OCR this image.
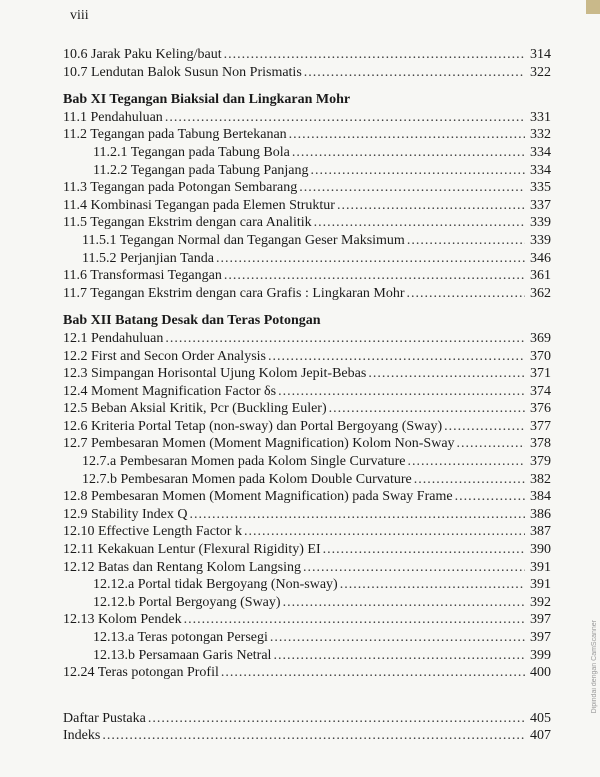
viii
Dipindai dengan CamScanner
10.6 Jarak Paku Keling/baut .....	314
10.7 Lendutan Balok Susun Non Prismatis .....	322
Bab XI Tegangan Biaksial dan Lingkaran Mohr
11.1 Pendahuluan .....	331
11.2 Tegangan pada Tabung Bertekanan .....	332
11.2.1 Tegangan pada Tabung Bola .....	334
11.2.2 Tegangan pada Tabung Panjang .....	334
11.3 Tegangan pada Potongan Sembarang .....	335
11.4 Kombinasi Tegangan pada Elemen Struktur .....	337
11.5 Tegangan Ekstrim dengan cara Analitik .....	339
11.5.1 Tegangan Normal dan Tegangan Geser Maksimum .....	339
11.5.2 Perjanjian Tanda .....	346
11.6 Transformasi Tegangan .....	361
11.7 Tegangan Ekstrim dengan cara Grafis : Lingkaran Mohr .....	362
Bab XII Batang Desak dan Teras Potongan
12.1 Pendahuluan .....	369
12.2 First and Secon Order Analysis .....	370
12.3 Simpangan Horisontal Ujung Kolom Jepit-Bebas .....	371
12.4 Moment Magnification Factor δs .....	374
12.5 Beban Aksial Kritik, Pcr (Buckling Euler) .....	376
12.6 Kriteria Portal Tetap (non-sway) dan Portal Bergoyang (Sway) .....	377
12.7 Pembesaran Momen (Moment Magnification) Kolom Non-Sway .....	378
12.7.a Pembesaran Momen pada Kolom Single Curvature .....	379
12.7.b Pembesaran Momen pada Kolom Double Curvature .....	382
12.8 Pembesaran Momen (Moment Magnification) pada Sway Frame .....	384
12.9 Stability Index Q .....	386
12.10 Effective Length Factor k .....	387
12.11 Kekakuan Lentur (Flexural Rigidity) EI .....	390
12.12 Batas dan Rentang Kolom Langsing .....	391
12.12.a Portal tidak Bergoyang (Non-sway) .....	391
12.12.b Portal Bergoyang (Sway) .....	392
12.13 Kolom Pendek .....	397
12.13.a Teras potongan Persegi .....	397
12.13.b Persamaan Garis Netral .....	399
12.24 Teras potongan Profil .....	400
Daftar Pustaka .....	405
Indeks .....	407
